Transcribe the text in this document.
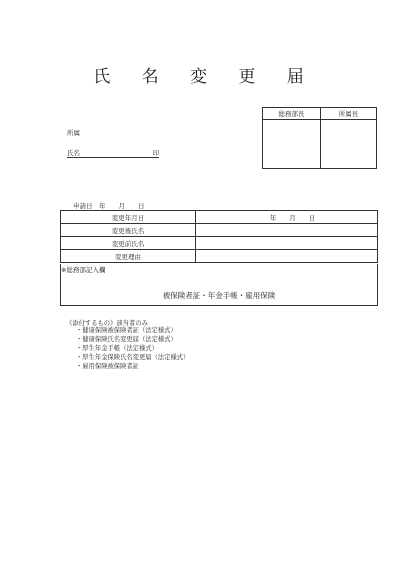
氏 名 変 更 届
総務部長	所属長
所属
氏名	印
申請日　年　　月　　日
変更年月日	年　　月　　日
変更後氏名	
変更前氏名	
変更理由	
※総務部記入欄
被保険者証・年金手帳・雇用保険
《添付するもの》該当者のみ
・ 健康保険被保険者証（法定様式）
・ 健康保険氏名変更届（法定様式）
・ 厚生年金手帳（法定様式）
・ 厚生年金保険氏名変更届（法定様式）
・ 雇用保険被保険者証
